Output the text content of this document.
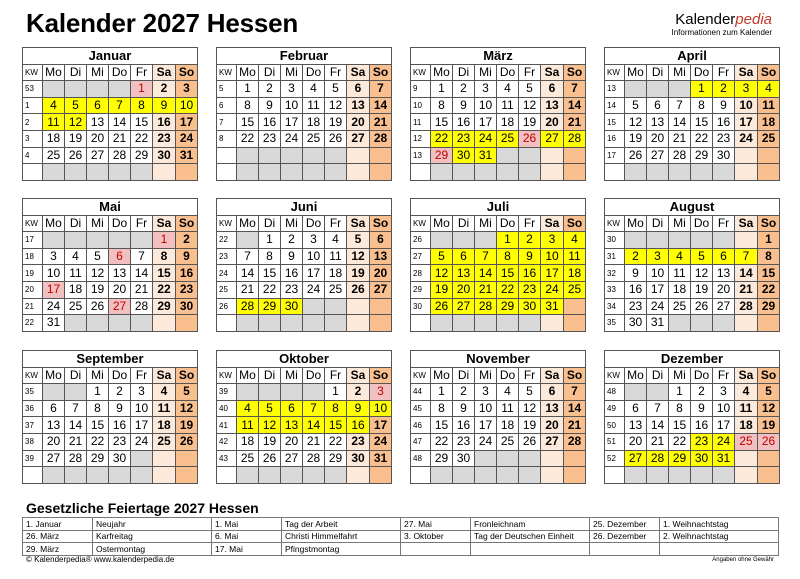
Kalender 2027 Hessen	Kalenderpedia
Informationen zum Kalender
Januar							
KW	Mo	Di	Mi	Do	Fr	Sa	So
53					1	2	3
1	4	5	6	7	8	9	10
2	11	12	13	14	15	16	17
3	18	19	20	21	22	23	24
4	25	26	27	28	29	30	31

Februar							
KW	Mo	Di	Mi	Do	Fr	Sa	So
5	1	2	3	4	5	6	7
6	8	9	10	11	12	13	14
7	15	16	17	18	19	20	21
8	22	23	24	25	26	27	28

März							
KW	Mo	Di	Mi	Do	Fr	Sa	So
9	1	2	3	4	5	6	7
10	8	9	10	11	12	13	14
11	15	16	17	18	19	20	21
12	22	23	24	25	26	27	28
13	29	30	31				

April							
KW	Mo	Di	Mi	Do	Fr	Sa	So
13				1	2	3	4
14	5	6	7	8	9	10	11
15	12	13	14	15	16	17	18
16	19	20	21	22	23	24	25
17	26	27	28	29	30		

Mai							
KW	Mo	Di	Mi	Do	Fr	Sa	So
17						1	2
18	3	4	5	6	7	8	9
19	10	11	12	13	14	15	16
20	17	18	19	20	21	22	23
21	24	25	26	27	28	29	30
22	31						
Juni							
KW	Mo	Di	Mi	Do	Fr	Sa	So
22		1	2	3	4	5	6
23	7	8	9	10	11	12	13
24	14	15	16	17	18	19	20
25	21	22	23	24	25	26	27
26	28	29	30				

Juli							
KW	Mo	Di	Mi	Do	Fr	Sa	So
26				1	2	3	4
27	5	6	7	8	9	10	11
28	12	13	14	15	16	17	18
29	19	20	21	22	23	24	25
30	26	27	28	29	30	31	

August							
KW	Mo	Di	Mi	Do	Fr	Sa	So
30							1
31	2	3	4	5	6	7	8
32	9	10	11	12	13	14	15
33	16	17	18	19	20	21	22
34	23	24	25	26	27	28	29
35	30	31					
September							
KW	Mo	Di	Mi	Do	Fr	Sa	So
35			1	2	3	4	5
36	6	7	8	9	10	11	12
37	13	14	15	16	17	18	19
38	20	21	22	23	24	25	26
39	27	28	29	30			

Oktober							
KW	Mo	Di	Mi	Do	Fr	Sa	So
39					1	2	3
40	4	5	6	7	8	9	10
41	11	12	13	14	15	16	17
42	18	19	20	21	22	23	24
43	25	26	27	28	29	30	31

November							
KW	Mo	Di	Mi	Do	Fr	Sa	So
44	1	2	3	4	5	6	7
45	8	9	10	11	12	13	14
46	15	16	17	18	19	20	21
47	22	23	24	25	26	27	28
48	29	30					

Dezember							
KW	Mo	Di	Mi	Do	Fr	Sa	So
48			1	2	3	4	5
49	6	7	8	9	10	11	12
50	13	14	15	16	17	18	19
51	20	21	22	23	24	25	26
52	27	28	29	30	31		

Gesetzliche Feiertage 2027 Hessen
1. Januar	Neujahr	1. Mai	Tag der Arbeit	27. Mai	Fronleichnam	25. Dezember	1. Weihnachtstag
26. März	Karfreitag	6. Mai	Christi Himmelfahrt	3. Oktober	Tag der Deutschen Einheit	26. Dezember	2. Weihnachtstag
29. März	Ostermontag	17. Mai	Pfingstmontag				
© Kalenderpedia® www.kalenderpedia.de	Angaben ohne Gewähr
